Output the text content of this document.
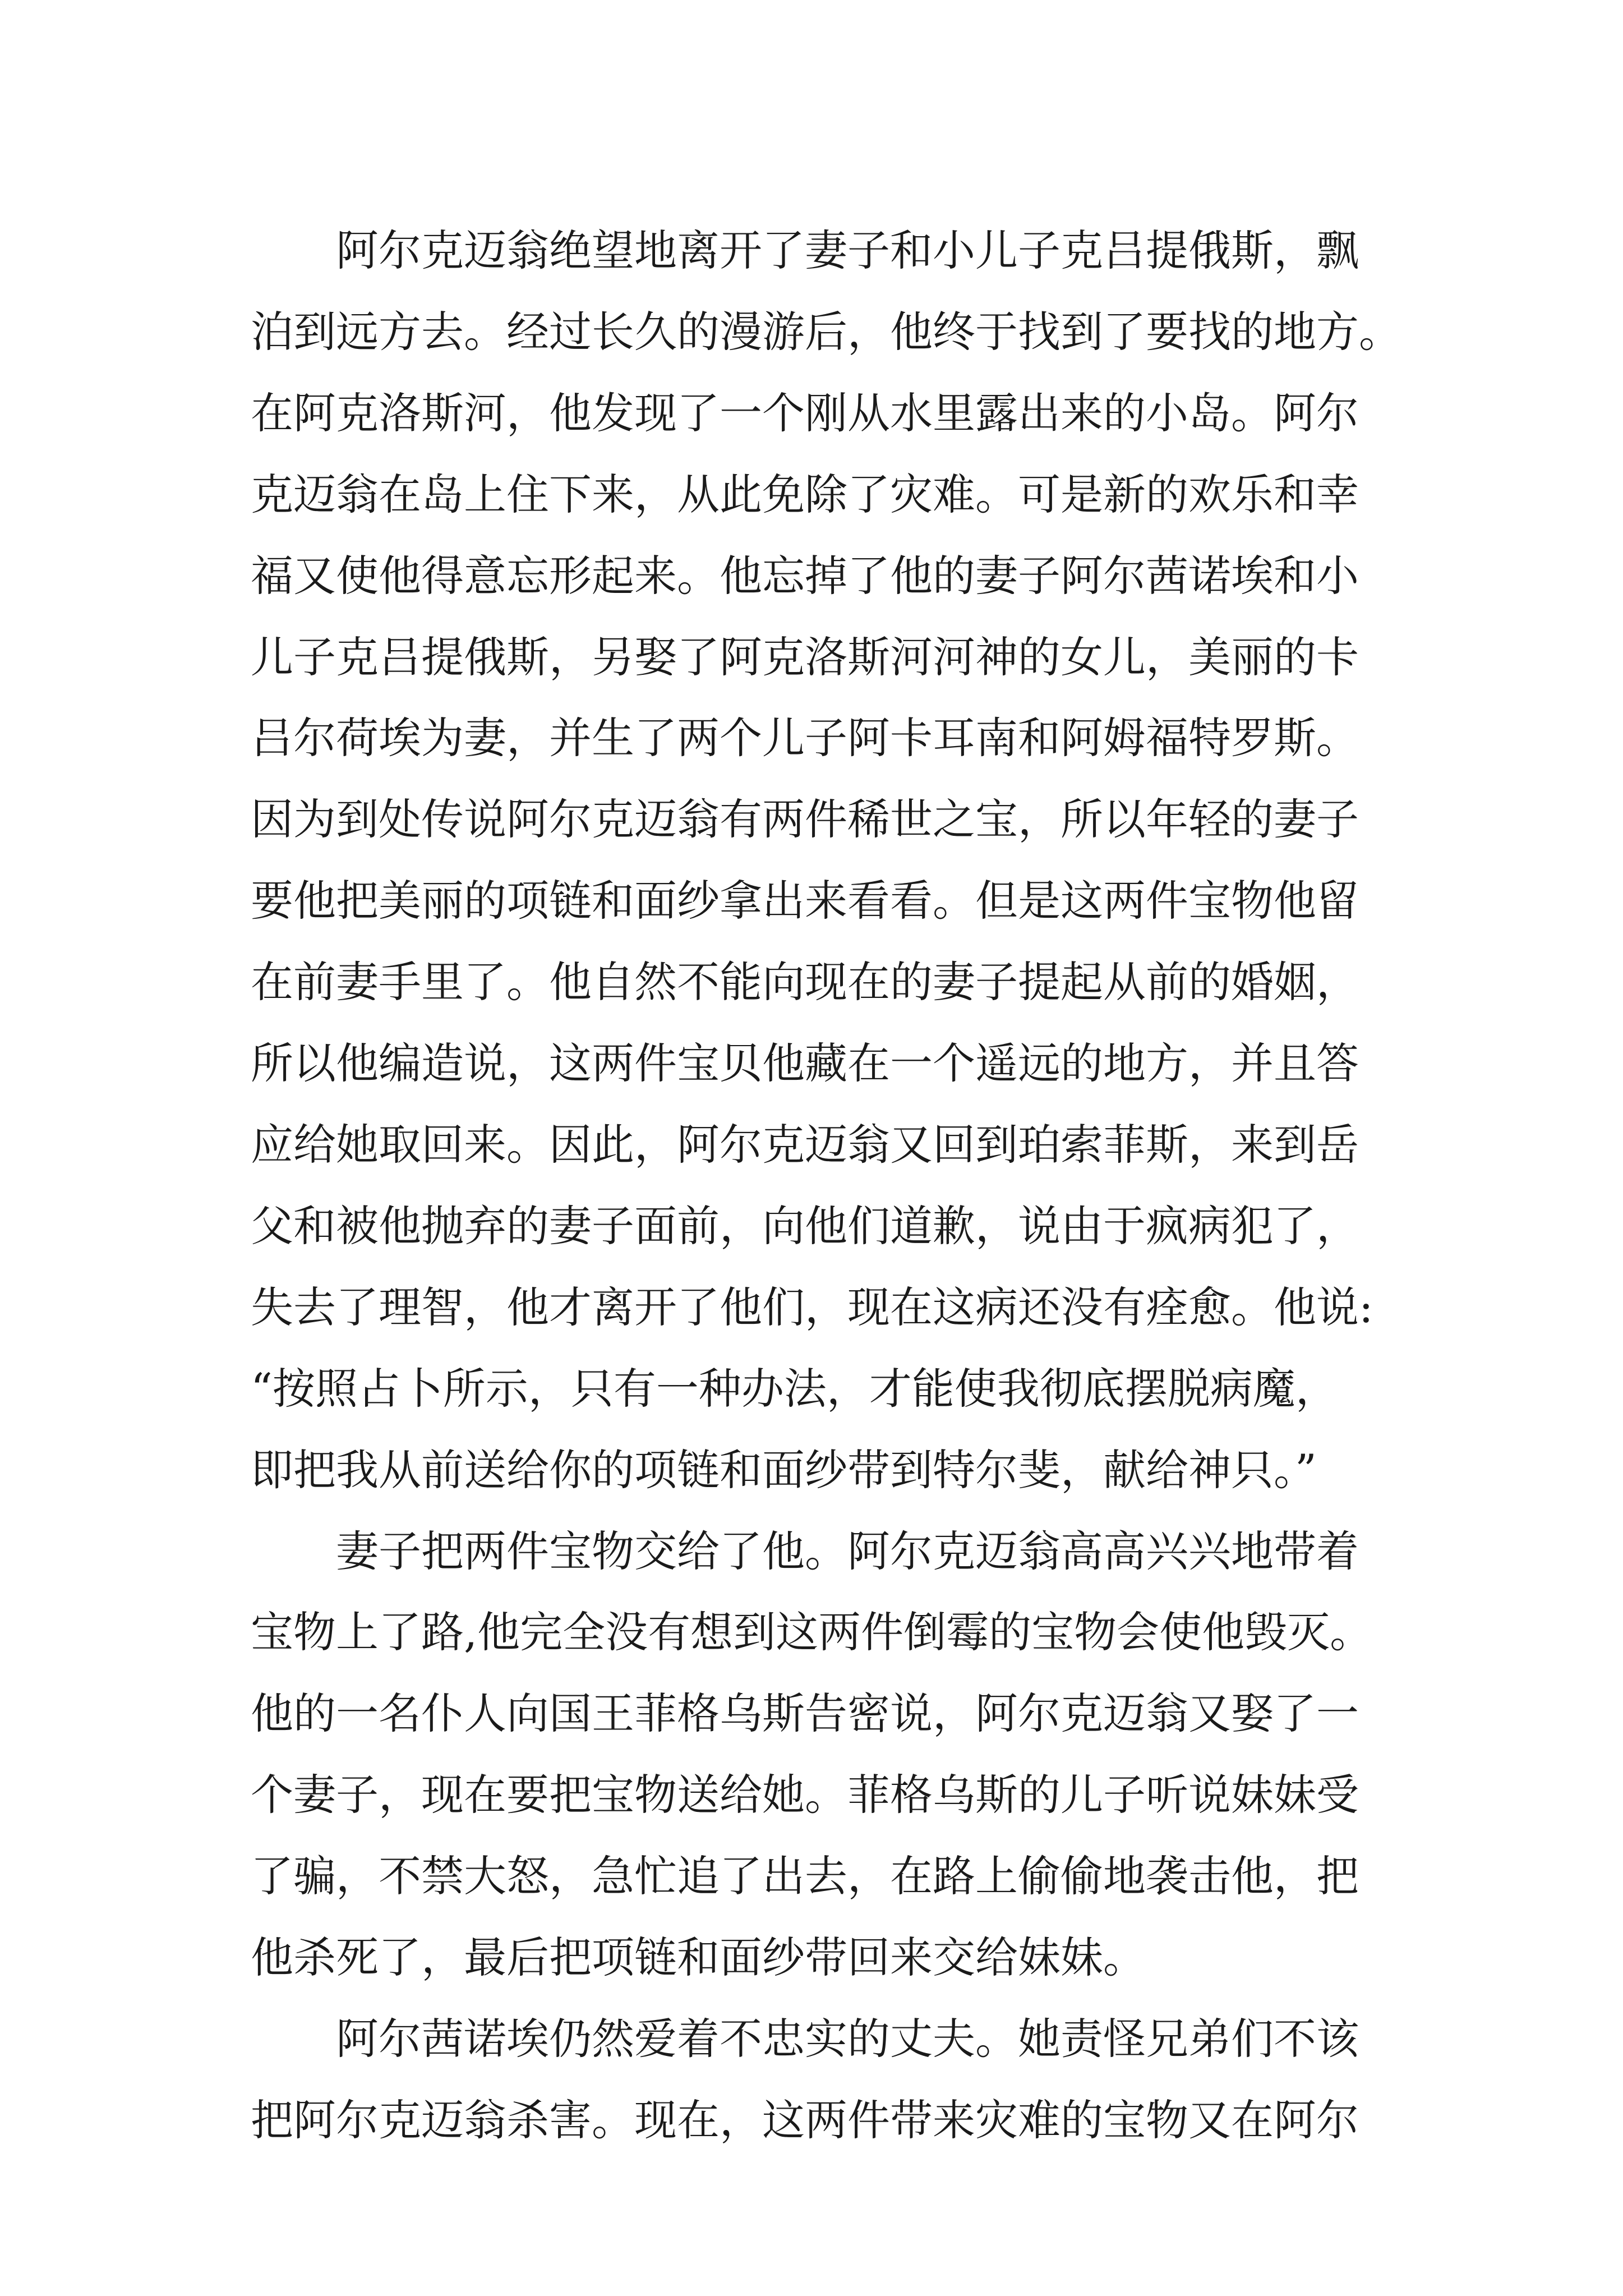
阿尔克迈翁绝望地离开了妻子和小儿子克吕提俄斯，飘
泊到远方去。经过长久的漫游后，他终于找到了要找的地方。
在阿克洛斯河，他发现了一个刚从水里露出来的小岛。阿尔
克迈翁在岛上住下来，从此免除了灾难。可是新的欢乐和幸
福又使他得意忘形起来。他忘掉了他的妻子阿尔茜诺埃和小
儿子克吕提俄斯，另娶了阿克洛斯河河神的女儿，美丽的卡
吕尔荷埃为妻，并生了两个儿子阿卡耳南和阿姆福特罗斯。
因为到处传说阿尔克迈翁有两件稀世之宝，所以年轻的妻子
要他把美丽的项链和面纱拿出来看看。但是这两件宝物他留
在前妻手里了。他自然不能向现在的妻子提起从前的婚姻，
所以他编造说，这两件宝贝他藏在一个遥远的地方，并且答
应给她取回来。因此，阿尔克迈翁又回到珀索菲斯，来到岳
父和被他抛弃的妻子面前，向他们道歉，说由于疯病犯了，
失去了理智，他才离开了他们，现在这病还没有痊愈。他说:
“按照占卜所示，只有一种办法，才能使我彻底摆脱病魔，
即把我从前送给你的项链和面纱带到特尔斐，献给神只。”

妻子把两件宝物交给了他。阿尔克迈翁高高兴兴地带着
宝物上了路,他完全没有想到这两件倒霉的宝物会使他毁灭。
他的一名仆人向国王菲格乌斯告密说，阿尔克迈翁又娶了一
个妻子，现在要把宝物送给她。菲格乌斯的儿子听说妹妹受
了骗，不禁大怒，急忙追了出去，在路上偷偷地袭击他，把
他杀死了，最后把项链和面纱带回来交给妹妹。

阿尔茜诺埃仍然爱着不忠实的丈夫。她责怪兄弟们不该
把阿尔克迈翁杀害。现在，这两件带来灾难的宝物又在阿尔
